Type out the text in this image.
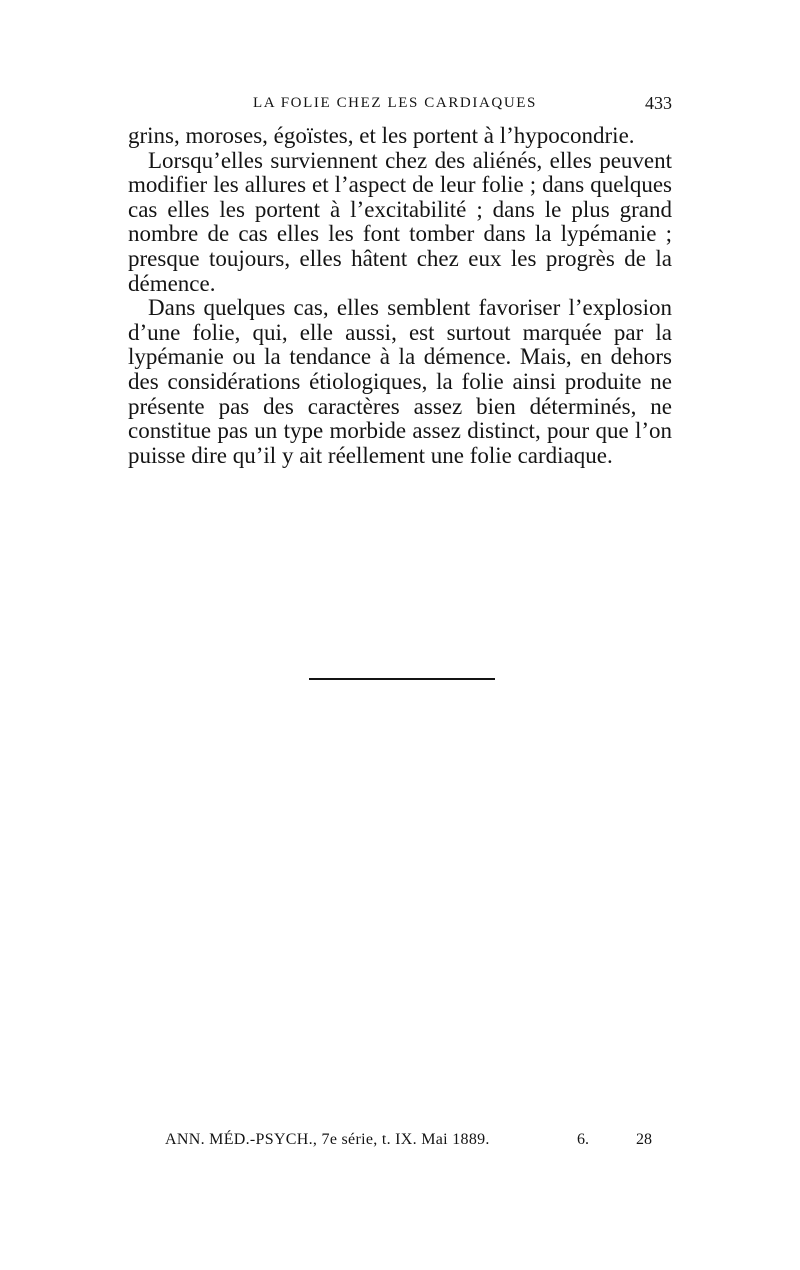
LA FOLIE CHEZ LES CARDIAQUES	433

grins, moroses, égoïstes, et les portent à l’hypocondrie.

Lorsqu’elles surviennent chez des aliénés, elles peuvent modifier les allures et l’aspect de leur folie ; dans quelques cas elles les portent à l’excitabilité ; dans le plus grand nombre de cas elles les font tomber dans la lypémanie ; presque toujours, elles hâtent chez eux les progrès de la démence.

Dans quelques cas, elles semblent favoriser l’explosion d’une folie, qui, elle aussi, est surtout marquée par la lypémanie ou la tendance à la démence. Mais, en dehors des considérations étiologiques, la folie ainsi produite ne présente pas des caractères assez bien déterminés, ne constitue pas un type morbide assez distinct, pour que l’on puisse dire qu’il y ait réellement une folie cardiaque.

ANN. MÉD.-PSYCH., 7e série, t. IX. Mai 1889.	6.	28
